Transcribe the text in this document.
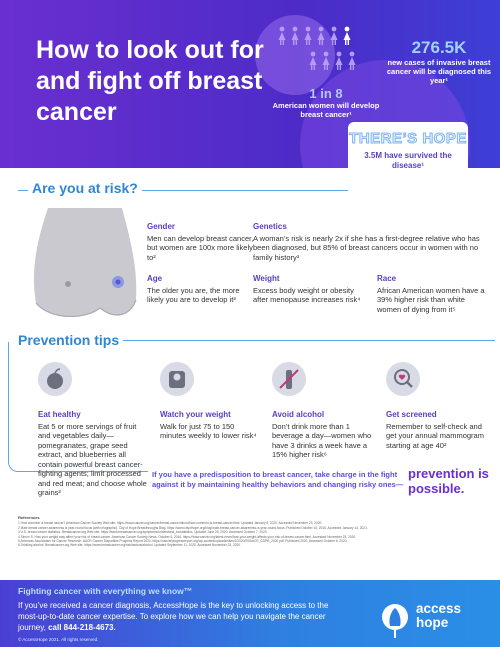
How to look out for and fight off breast cancer
1 in 8
American women will develop breast cancer¹
276.5K
new cases of invasive breast cancer will be diagnosed this year¹
THERE’S HOPE
3.5M have survived the disease¹
Are you at risk?
Gender
Men can develop breast cancer, but women are 100x more likely to²
Genetics
A woman’s risk is nearly 2x if she has a first-degree relative who has been diagnosed, but 85% of breast cancers occur in women with no family history³
Age
The older you are, the more likely you are to develop it³
Weight
Excess body weight or obesity after menopause increases risk⁴
Race
African American women have a 39% higher risk than white women of dying from it⁵
Prevention tips
Eat healthy
Eat 5 or more servings of fruit and vegetables daily—pomegranates, grape seed extract, and blueberries all contain powerful breast cancer-fighting agents; limit processed and red meat; and choose whole grains²
Watch your weight
Walk for just 75 to 150 minutes weekly to lower risk⁴
Avoid alcohol
Don’t drink more than 1 beverage a day—women who have 3 drinks a week have a 15% higher risk⁶
Get screened
Remember to self-check and get your annual mammogram starting at age 40²
If you have a predisposition to breast cancer, take charge in the fight against it by maintaining healthy behaviors and changing risky ones—
prevention is possible.
References
1 How common is breast cancer? American Cancer Society Web site. https://www.cancer.org/cancer/breast-cancer/about/how-common-is-breast-cancer.html. Updated January 8, 2020. Accessed November 23, 2020.
2 Male breast cancer awareness is year-round focus (with infographic). City of Hope Breakthroughs Blog. https://www.cityofhope.org/blog/male-breast-cancer-awareness-is-year-round-focus. Published October 10, 2016. Accessed January 14, 2021.
3 U.S. breast cancer statistics. Breastcancer.org Web site. https://www.breastcancer.org/symptoms/understand_bc/statistics. Updated June 25, 2020. Accessed October 7, 2020.
4 Simon S. How your weight may affect your risk of breast cancer. American Cancer Society News. October 6, 2016. https://www.cancer.org/latest-news/how-your-weight-affects-your-risk-of-breast-cancer.html. Accessed November 23, 2020.
5 American Association for Cancer Research. AACR Cancer Disparities Progress Report 2020. https://cancerprogressreport.org/wp-content/uploads/sites/2/2020/09/AACR_CDPR_2020.pdf. Published 2020. Accessed October 6, 2020.
6 Drinking alcohol. Breastcancer.org Web site. https://www.breastcancer.org/risk/factors/alcohol. Updated September 11, 2020. Accessed November 23, 2020.
Fighting cancer with everything we know™
If you’ve received a cancer diagnosis, AccessHope is the key to unlocking access to the most-up-to-date cancer expertise. To explore how we can help you navigate the cancer journey, call 844-218-4673.
© AccessHope 2021. All rights reserved.
access
hope
